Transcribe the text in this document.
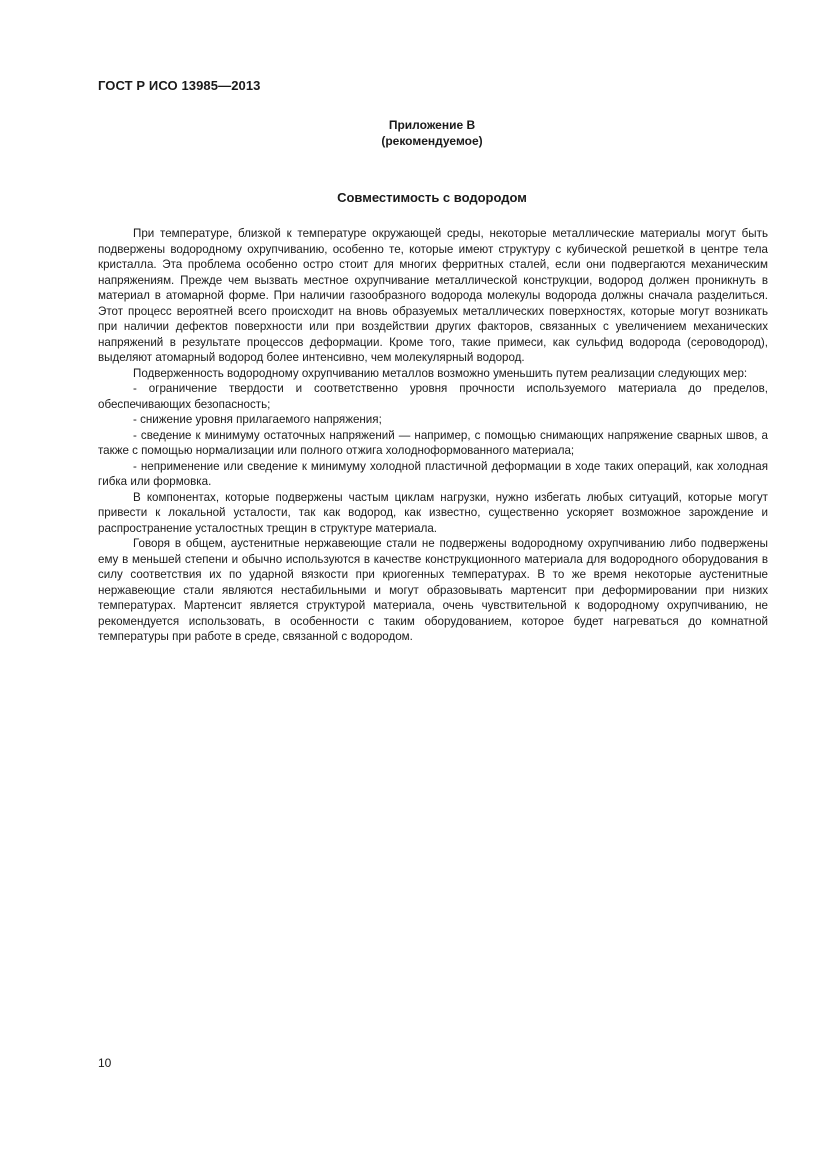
ГОСТ Р ИСО 13985—2013
Приложение В
(рекомендуемое)
Совместимость с водородом

При температуре, близкой к температуре окружающей среды, некоторые металлические материалы могут быть подвержены водородному охрупчиванию, особенно те, которые имеют структуру с кубической решеткой в центре тела кристалла. Эта проблема особенно остро стоит для многих ферритных сталей, если они подвергаются механическим напряжениям. Прежде чем вызвать местное охрупчивание металлической конструкции, водород должен проникнуть в материал в атомарной форме. При наличии газообразного водорода молекулы водорода должны сначала разделиться. Этот процесс вероятней всего происходит на вновь образуемых металлических поверхностях, которые могут возникать при наличии дефектов поверхности или при воздействии других факторов, связанных с увеличением механических напряжений в результате процессов деформации. Кроме того, такие примеси, как сульфид водорода (сероводород), выделяют атомарный водород более интенсивно, чем молекулярный водород.

Подверженность водородному охрупчиванию металлов возможно уменьшить путем реализации следующих мер:

- ограничение твердости и соответственно уровня прочности используемого материала до пределов, обеспечивающих безопасность;

- снижение уровня прилагаемого напряжения;

- сведение к минимуму остаточных напряжений — например, с помощью снимающих напряжение сварных швов, а также с помощью нормализации или полного отжига холоднoформованного материала;

- неприменение или сведение к минимуму холодной пластичной деформации в ходе таких операций, как холодная гибка или формовка.

В компонентах, которые подвержены частым циклам нагрузки, нужно избегать любых ситуаций, которые могут привести к локальной усталости, так как водород, как известно, существенно ускоряет возможное зарождение и распространение усталостных трещин в структуре материала.

Говоря в общем, аустенитные нержавеющие стали не подвержены водородному охрупчиванию либо подвержены ему в меньшей степени и обычно используются в качестве конструкционного материала для водородного оборудования в силу соответствия их по ударной вязкости при криогенных температурах. В то же время некоторые аустенитные нержавеющие стали являются нестабильными и могут образовывать мартенсит при деформировании при низких температурах. Мартенсит является структурой материала, очень чувствительной к водородному охрупчиванию, не рекомендуется использовать, в особенности с таким оборудованием, которое будет нагреваться до комнатной температуры при работе в среде, связанной с водородом.

10
